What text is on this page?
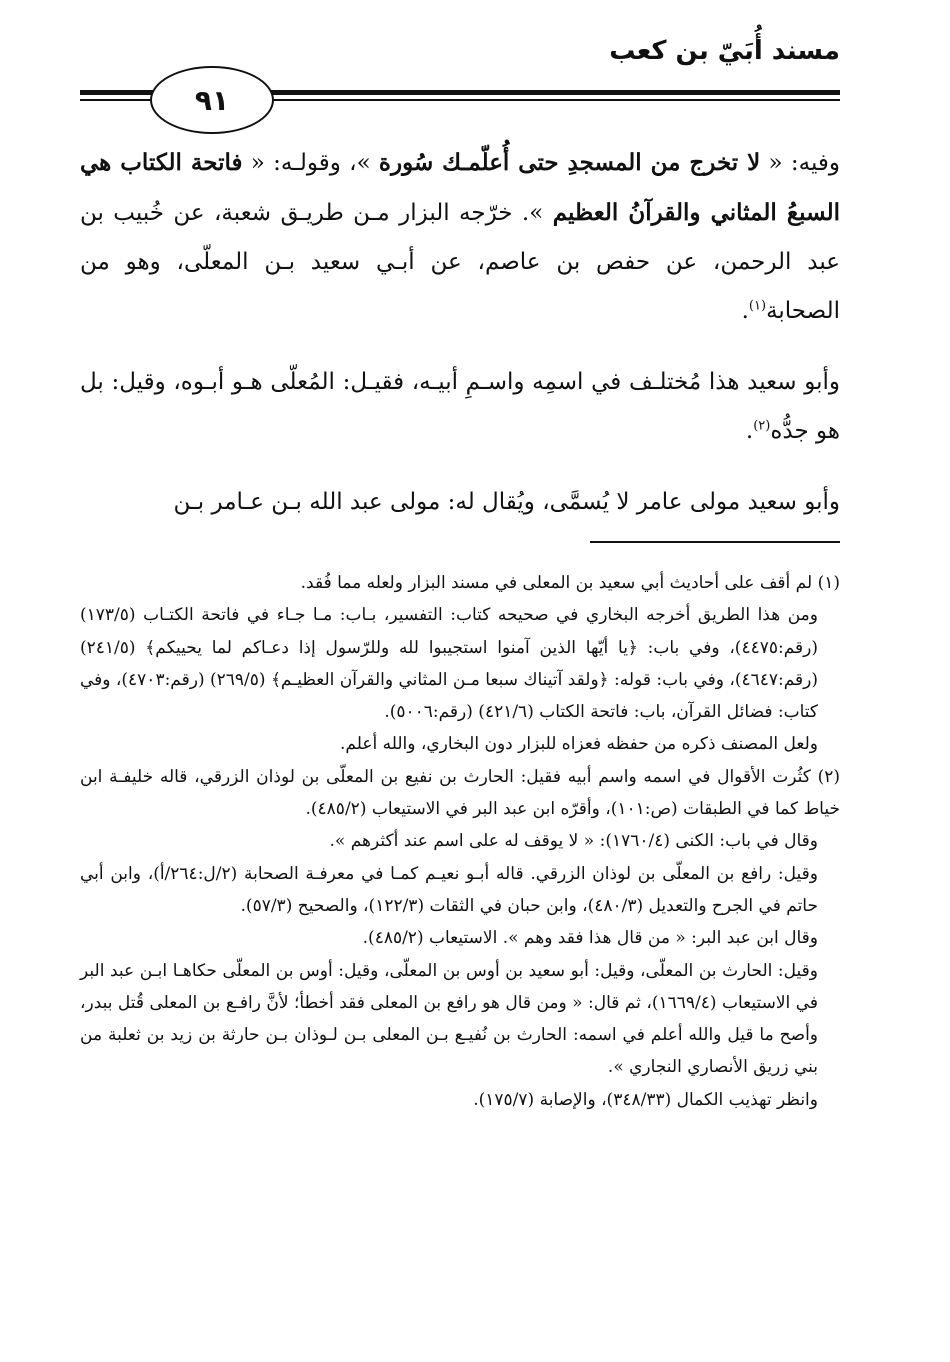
مسند أُبَيّ بن كعب
٩١

وفيه: « لا تخرج من المسجدِ حتى أُعلّمـك سُورة »، وقولـه: « فاتحة الكتاب هي السبعُ المثاني والقرآنُ العظيم ». خرّجه البزار مـن طريـق شعبة، عن خُبيب بن عبد الرحمن، عن حفص بن عاصم، عن أبـي سعيد بـن المعلّى، وهو من الصحابة$^{(١)}$.

وأبو سعيد هذا مُختلـف في اسمِه واسـمِ أبيـه، فقيـل: المُعلّى هـو أبـوه، وقيل: بل هو جدُّه$^{(٢)}$.

وأبو سعيد مولى عامر لا يُسمَّى، ويُقال له: مولى عبد الله بـن عـامر بـن

(١) لم أقف على أحاديث أبي سعيد بن المعلى في مسند البزار ولعله مما فُقد.

ومن هذا الطريق أخرجه البخاري في صحيحه كتاب: التفسير، بـاب: مـا جـاء في فاتحة الكتـاب (١٧٣/٥) (رقم:٤٤٧٥)، وفي باب: ﴿يا أيّها الذين آمنوا استجيبوا لله وللرّسول إذا دعـاكم لما يحييكم﴾ (٢٤١/٥) (رقم:٤٦٤٧)، وفي باب: قوله: ﴿ولقد آتيناك سبعا مـن المثاني والقرآن العظيـم﴾ (٢٦٩/٥) (رقم:٤٧٠٣)، وفي كتاب: فضائل القرآن، باب: فاتحة الكتاب (٤٢١/٦) (رقم:٥٠٠٦).

ولعل المصنف ذكره من حفظه فعزاه للبزار دون البخاري، والله أعلم.

(٢) كثُرت الأقوال في اسمه واسم أبيه فقيل: الحارث بن نفيع بن المعلّى بن لوذان الزرقي، قاله خليفـة ابن خياط كما في الطبقات (ص:١٠١)، وأقرّه ابن عبد البر في الاستيعاب (٤٨٥/٢).

وقال في باب: الكنى (١٧٦٠/٤): « لا يوقف له على اسم عند أكثرهم ».

وقيل: رافع بن المعلّى بن لوذان الزرقي. قاله أبـو نعيـم كمـا في معرفـة الصحابة (٢/ل:٢٦٤/أ)، وابن أبي حاتم في الجرح والتعديل (٤٨٠/٣)، وابن حبان في الثقات (١٢٢/٣)، والصحيح (٥٧/٣).

وقال ابن عبد البر: « من قال هذا فقد وهم ». الاستيعاب (٤٨٥/٢).

وقيل: الحارث بن المعلّى، وقيل: أبو سعيد بن أوس بن المعلّى، وقيل: أوس بن المعلّى حكاهـا ابـن عبد البر في الاستيعاب (١٦٦٩/٤)، ثم قال: « ومن قال هو رافع بن المعلى فقد أخطأ؛ لأنَّ رافـع بن المعلى قُتل ببدر، وأصح ما قيل والله أعلم في اسمه: الحارث بن نُفيـع بـن المعلى بـن لـوذان بـن حارثة بن زيد بن ثعلبة من بني زريق الأنصاري النجاري ».

وانظر تهذيب الكمال (٣٤٨/٣٣)، والإصابة (١٧٥/٧).
